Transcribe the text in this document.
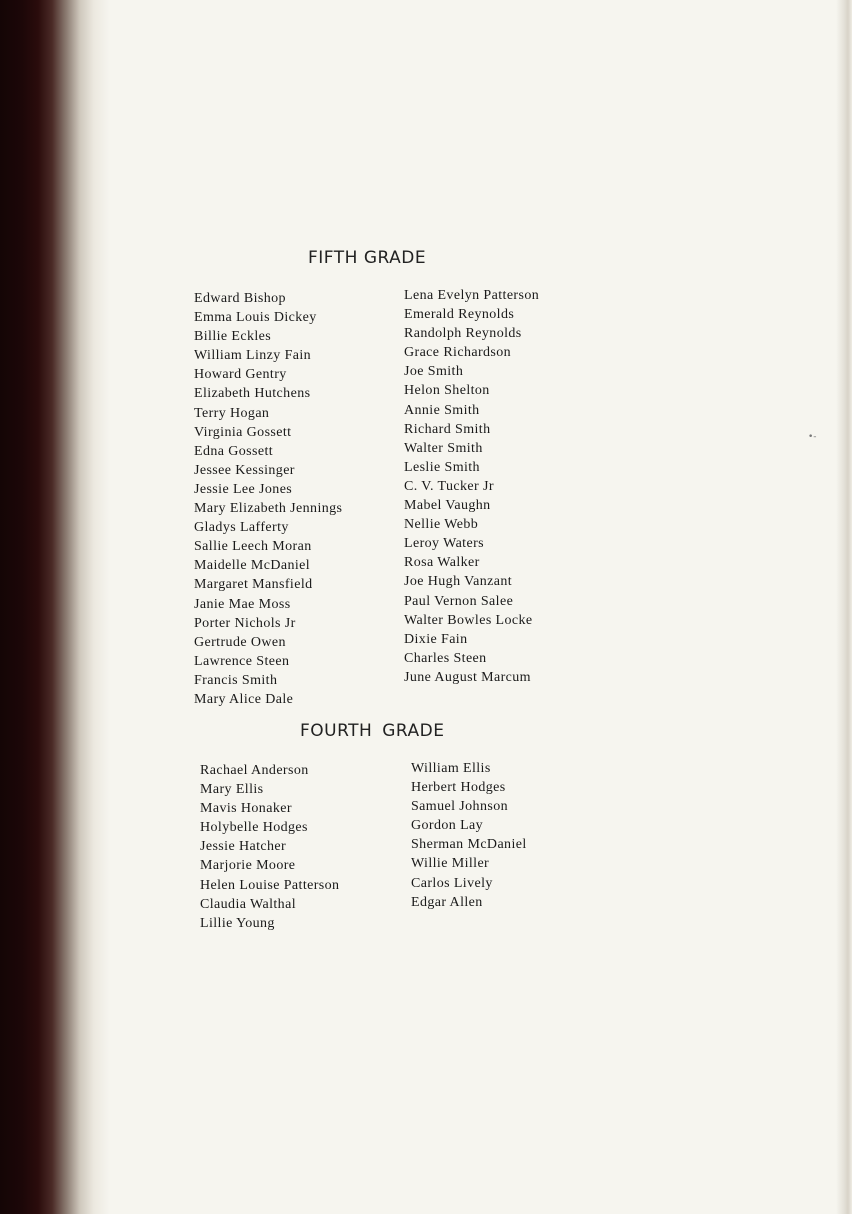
FIFTH GRADE
Edward Bishop
Emma Louis Dickey
Billie Eckles
William Linzy Fain
Howard Gentry
Elizabeth Hutchens
Terry Hogan
Virginia Gossett
Edna Gossett
Jessee Kessinger
Jessie Lee Jones
Mary Elizabeth Jennings
Gladys Lafferty
Sallie Leech Moran
Maidelle McDaniel
Margaret Mansfield
Janie Mae Moss
Porter Nichols Jr
Gertrude Owen
Lawrence Steen
Francis Smith
Mary Alice Dale
Lena Evelyn Patterson
Emerald Reynolds
Randolph Reynolds
Grace Richardson
Joe Smith
Helon Shelton
Annie Smith
Richard Smith
Walter Smith
Leslie Smith
C. V. Tucker Jr
Mabel Vaughn
Nellie Webb
Leroy Waters
Rosa Walker
Joe Hugh Vanzant
Paul Vernon Salee
Walter Bowles Locke
Dixie Fain
Charles Steen
June August Marcum
FOURTH GRADE
Rachael Anderson
Mary Ellis
Mavis Honaker
Holybelle Hodges
Jessie Hatcher
Marjorie Moore
Helen Louise Patterson
Claudia Walthal
Lillie Young
William Ellis
Herbert Hodges
Samuel Johnson
Gordon Lay
Sherman McDaniel
Willie Miller
Carlos Lively
Edgar Allen
•-
